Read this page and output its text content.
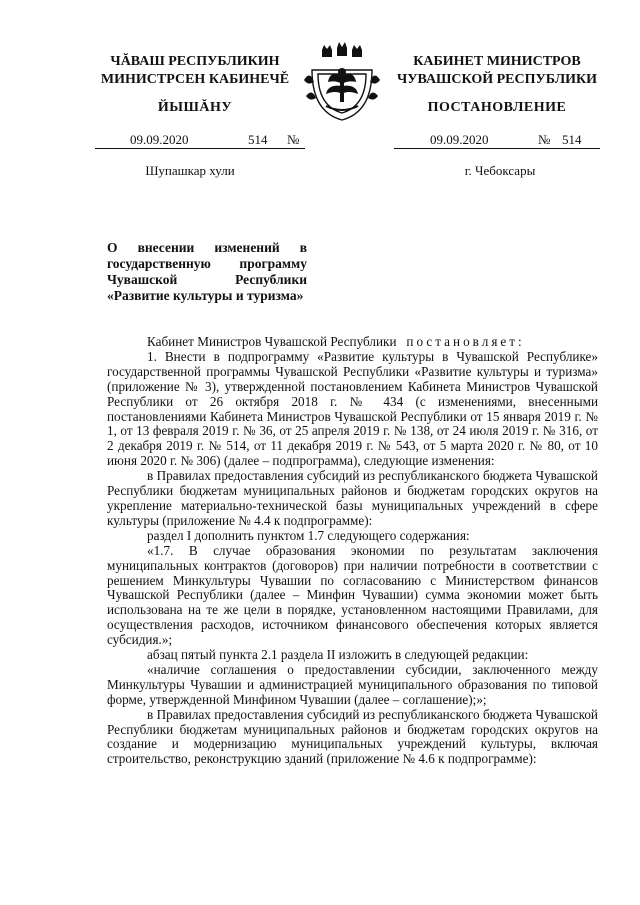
ЧĂВАШ РЕСПУБЛИКИН
МИНИСТРСЕН КАБИНЕЧĚ
ЙЫШĂНУ
КАБИНЕТ МИНИСТРОВ
ЧУВАШСКОЙ РЕСПУБЛИКИ
ПОСТАНОВЛЕНИЕ
09.09.2020	514 №	09.09.2020	№ 514
Шупашкар хули	г. Чебоксары
О внесении изменений в государственную программу Чувашской Республики «Развитие культуры и туризма»

Кабинет Министров Чувашской Республики постановляет:

1. Внести в подпрограмму «Развитие культуры в Чувашской Республике» государственной программы Чувашской Республики «Развитие культуры и туризма» (приложение № 3), утвержденной постановлением Кабинета Министров Чувашской Республики от 26 октября 2018 г. № 434 (с изменениями, внесенными постановлениями Кабинета Министров Чувашской Республики от 15 января 2019 г. № 1, от 13 февраля 2019 г. № 36, от 25 апреля 2019 г. № 138, от 24 июля 2019 г. № 316, от 2 декабря 2019 г. № 514, от 11 декабря 2019 г. № 543, от 5 марта 2020 г. № 80, от 10 июня 2020 г. № 306) (далее – подпрограмма), следующие изменения:

в Правилах предоставления субсидий из республиканского бюджета Чувашской Республики бюджетам муниципальных районов и бюджетам городских округов на укрепление материально-технической базы муниципальных учреждений в сфере культуры (приложение № 4.4 к подпрограмме):

раздел I дополнить пунктом 1.7 следующего содержания:

«1.7. В случае образования экономии по результатам заключения муниципальных контрактов (договоров) при наличии потребности в соответствии с решением Минкультуры Чувашии по согласованию с Министерством финансов Чувашской Республики (далее – Минфин Чувашии) сумма экономии может быть использована на те же цели в порядке, установленном настоящими Правилами, для осуществления расходов, источником финансового обеспечения которых является субсидия.»;

абзац пятый пункта 2.1 раздела II изложить в следующей редакции:

«наличие соглашения о предоставлении субсидии, заключенного между Минкультуры Чувашии и администрацией муниципального образования по типовой форме, утвержденной Минфином Чувашии (далее – соглашение);»;

в Правилах предоставления субсидий из республиканского бюджета Чувашской Республики бюджетам муниципальных районов и бюджетам городских округов на создание и модернизацию муниципальных учреждений культуры, включая строительство, реконструкцию зданий (приложение № 4.6 к подпрограмме):
